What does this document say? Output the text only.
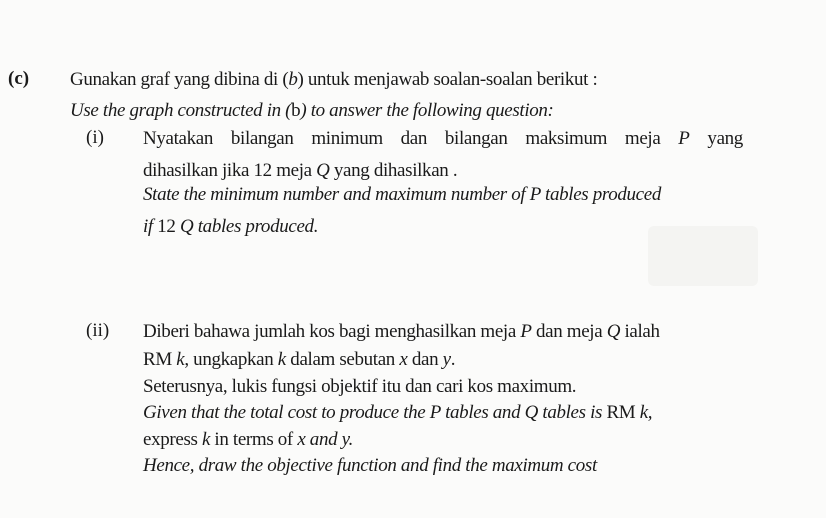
(c) Gunakan graf yang dibina di (b) untuk menjawab soalan-soalan berikut :
Use the graph constructed in (b) to answer the following question:
(i) Nyatakan bilangan minimum dan bilangan maksimum meja P yang
dihasilkan jika 12 meja Q yang dihasilkan .
State the minimum number and maximum number of P tables produced
if 12 Q tables produced.
(ii) Diberi bahawa jumlah kos bagi menghasilkan meja P dan meja Q ialah
RM k, ungkapkan k dalam sebutan x dan y.
Seterusnya, lukis fungsi objektif itu dan cari kos maximum.
Given that the total cost to produce the P tables and Q tables is RM k,
express k in terms of x and y.
Hence, draw the objective function and find the maximum cost
